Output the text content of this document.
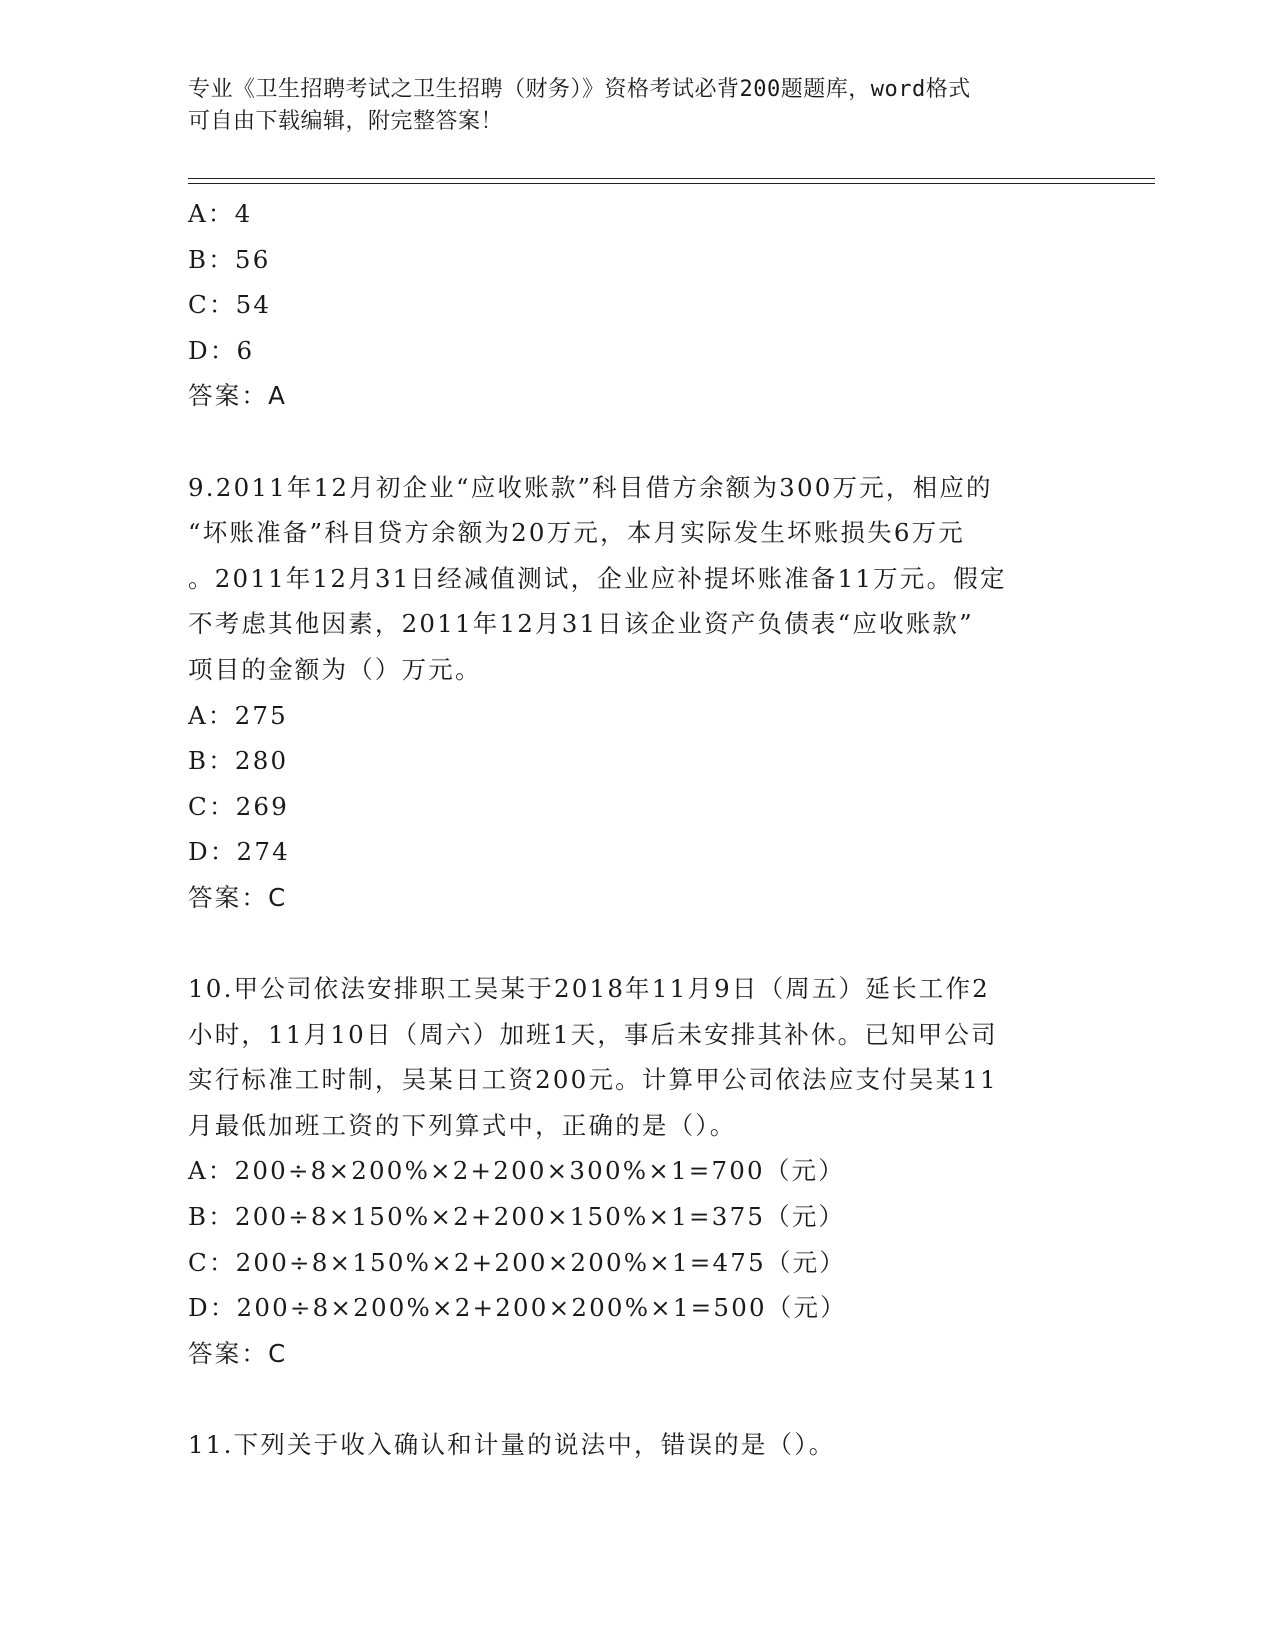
专业《卫生招聘考试之卫生招聘（财务）》资格考试必背200题题库，word格式
可自由下载编辑，附完整答案！
A：4
B：56
C：54
D：6
答案：A
9.2011年12月初企业“应收账款”科目借方余额为300万元，相应的
“坏账准备”科目贷方余额为20万元，本月实际发生坏账损失6万元
。2011年12月31日经减值测试，企业应补提坏账准备11万元。假定
不考虑其他因素，2011年12月31日该企业资产负债表“应收账款”
项目的金额为（）万元。
A：275
B：280
C：269
D：274
答案：C
10.甲公司依法安排职工吴某于2018年11月9日（周五）延长工作2
小时，11月10日（周六）加班1天，事后未安排其补休。已知甲公司
实行标准工时制，吴某日工资200元。计算甲公司依法应支付吴某11
月最低加班工资的下列算式中，正确的是（）。
A：200÷8×200%×2+200×300%×1=700（元）
B：200÷8×150%×2+200×150%×1=375（元）
C：200÷8×150%×2+200×200%×1=475（元）
D：200÷8×200%×2+200×200%×1=500（元）
答案：C
11.下列关于收入确认和计量的说法中，错误的是（）。
